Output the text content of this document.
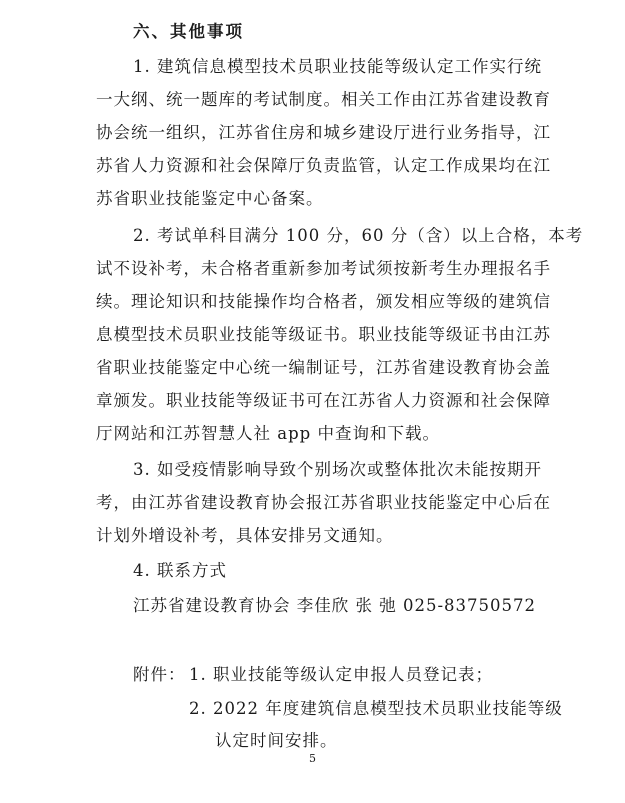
六、其他事项
1. 建筑信息模型技术员职业技能等级认定工作实行统
一大纲、统一题库的考试制度。相关工作由江苏省建设教育
协会统一组织，江苏省住房和城乡建设厅进行业务指导，江
苏省人力资源和社会保障厅负责监管，认定工作成果均在江
苏省职业技能鉴定中心备案。
2. 考试单科目满分 100 分，60 分（含）以上合格，本考
试不设补考，未合格者重新参加考试须按新考生办理报名手
续。理论知识和技能操作均合格者，颁发相应等级的建筑信
息模型技术员职业技能等级证书。职业技能等级证书由江苏
省职业技能鉴定中心统一编制证号，江苏省建设教育协会盖
章颁发。职业技能等级证书可在江苏省人力资源和社会保障
厅网站和江苏智慧人社 app 中查询和下载。
3. 如受疫情影响导致个别场次或整体批次未能按期开
考，由江苏省建设教育协会报江苏省职业技能鉴定中心后在
计划外增设补考，具体安排另文通知。
4. 联系方式
江苏省建设教育协会 李佳欣 张 弛 025-83750572
附件： 1. 职业技能等级认定申报人员登记表；
2. 2022 年度建筑信息模型技术员职业技能等级
认定时间安排。
5
